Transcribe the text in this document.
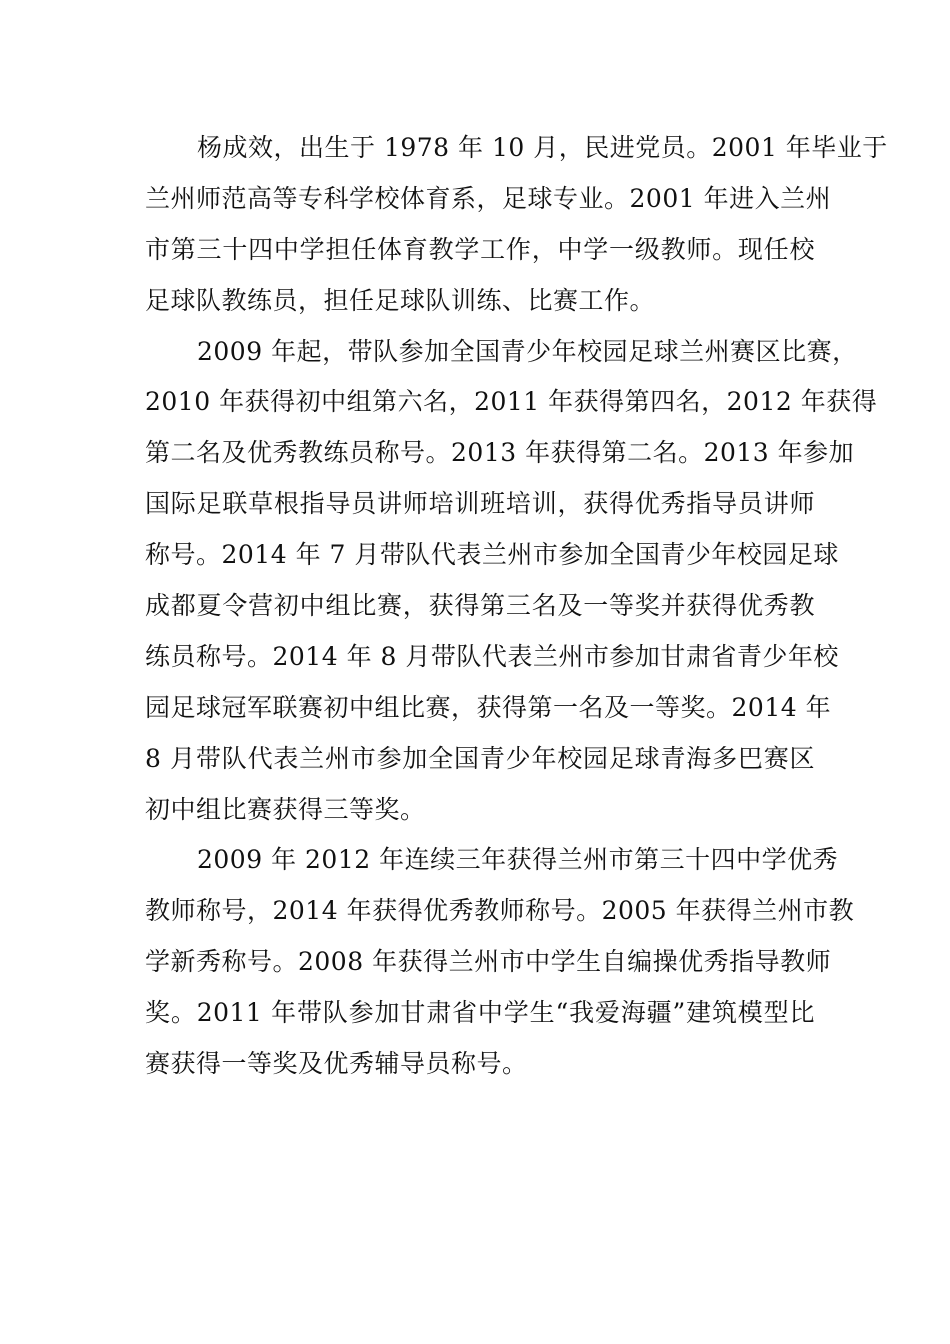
杨成效，出生于 1978 年 10 月，民进党员。2001 年毕业于
兰州师范高等专科学校体育系，足球专业。2001 年进入兰州
市第三十四中学担任体育教学工作，中学一级教师。现任校
足球队教练员，担任足球队训练、比赛工作。
2009 年起，带队参加全国青少年校园足球兰州赛区比赛，
2010 年获得初中组第六名，2011 年获得第四名，2012 年获得
第二名及优秀教练员称号。2013 年获得第二名。2013 年参加
国际足联草根指导员讲师培训班培训，获得优秀指导员讲师
称号。2014 年 7 月带队代表兰州市参加全国青少年校园足球
成都夏令营初中组比赛，获得第三名及一等奖并获得优秀教
练员称号。2014 年 8 月带队代表兰州市参加甘肃省青少年校
园足球冠军联赛初中组比赛，获得第一名及一等奖。2014 年
8 月带队代表兰州市参加全国青少年校园足球青海多巴赛区
初中组比赛获得三等奖。
2009 年 2012 年连续三年获得兰州市第三十四中学优秀
教师称号，2014 年获得优秀教师称号。2005 年获得兰州市教
学新秀称号。2008 年获得兰州市中学生自编操优秀指导教师
奖。2011 年带队参加甘肃省中学生“我爱海疆”建筑模型比
赛获得一等奖及优秀辅导员称号。
